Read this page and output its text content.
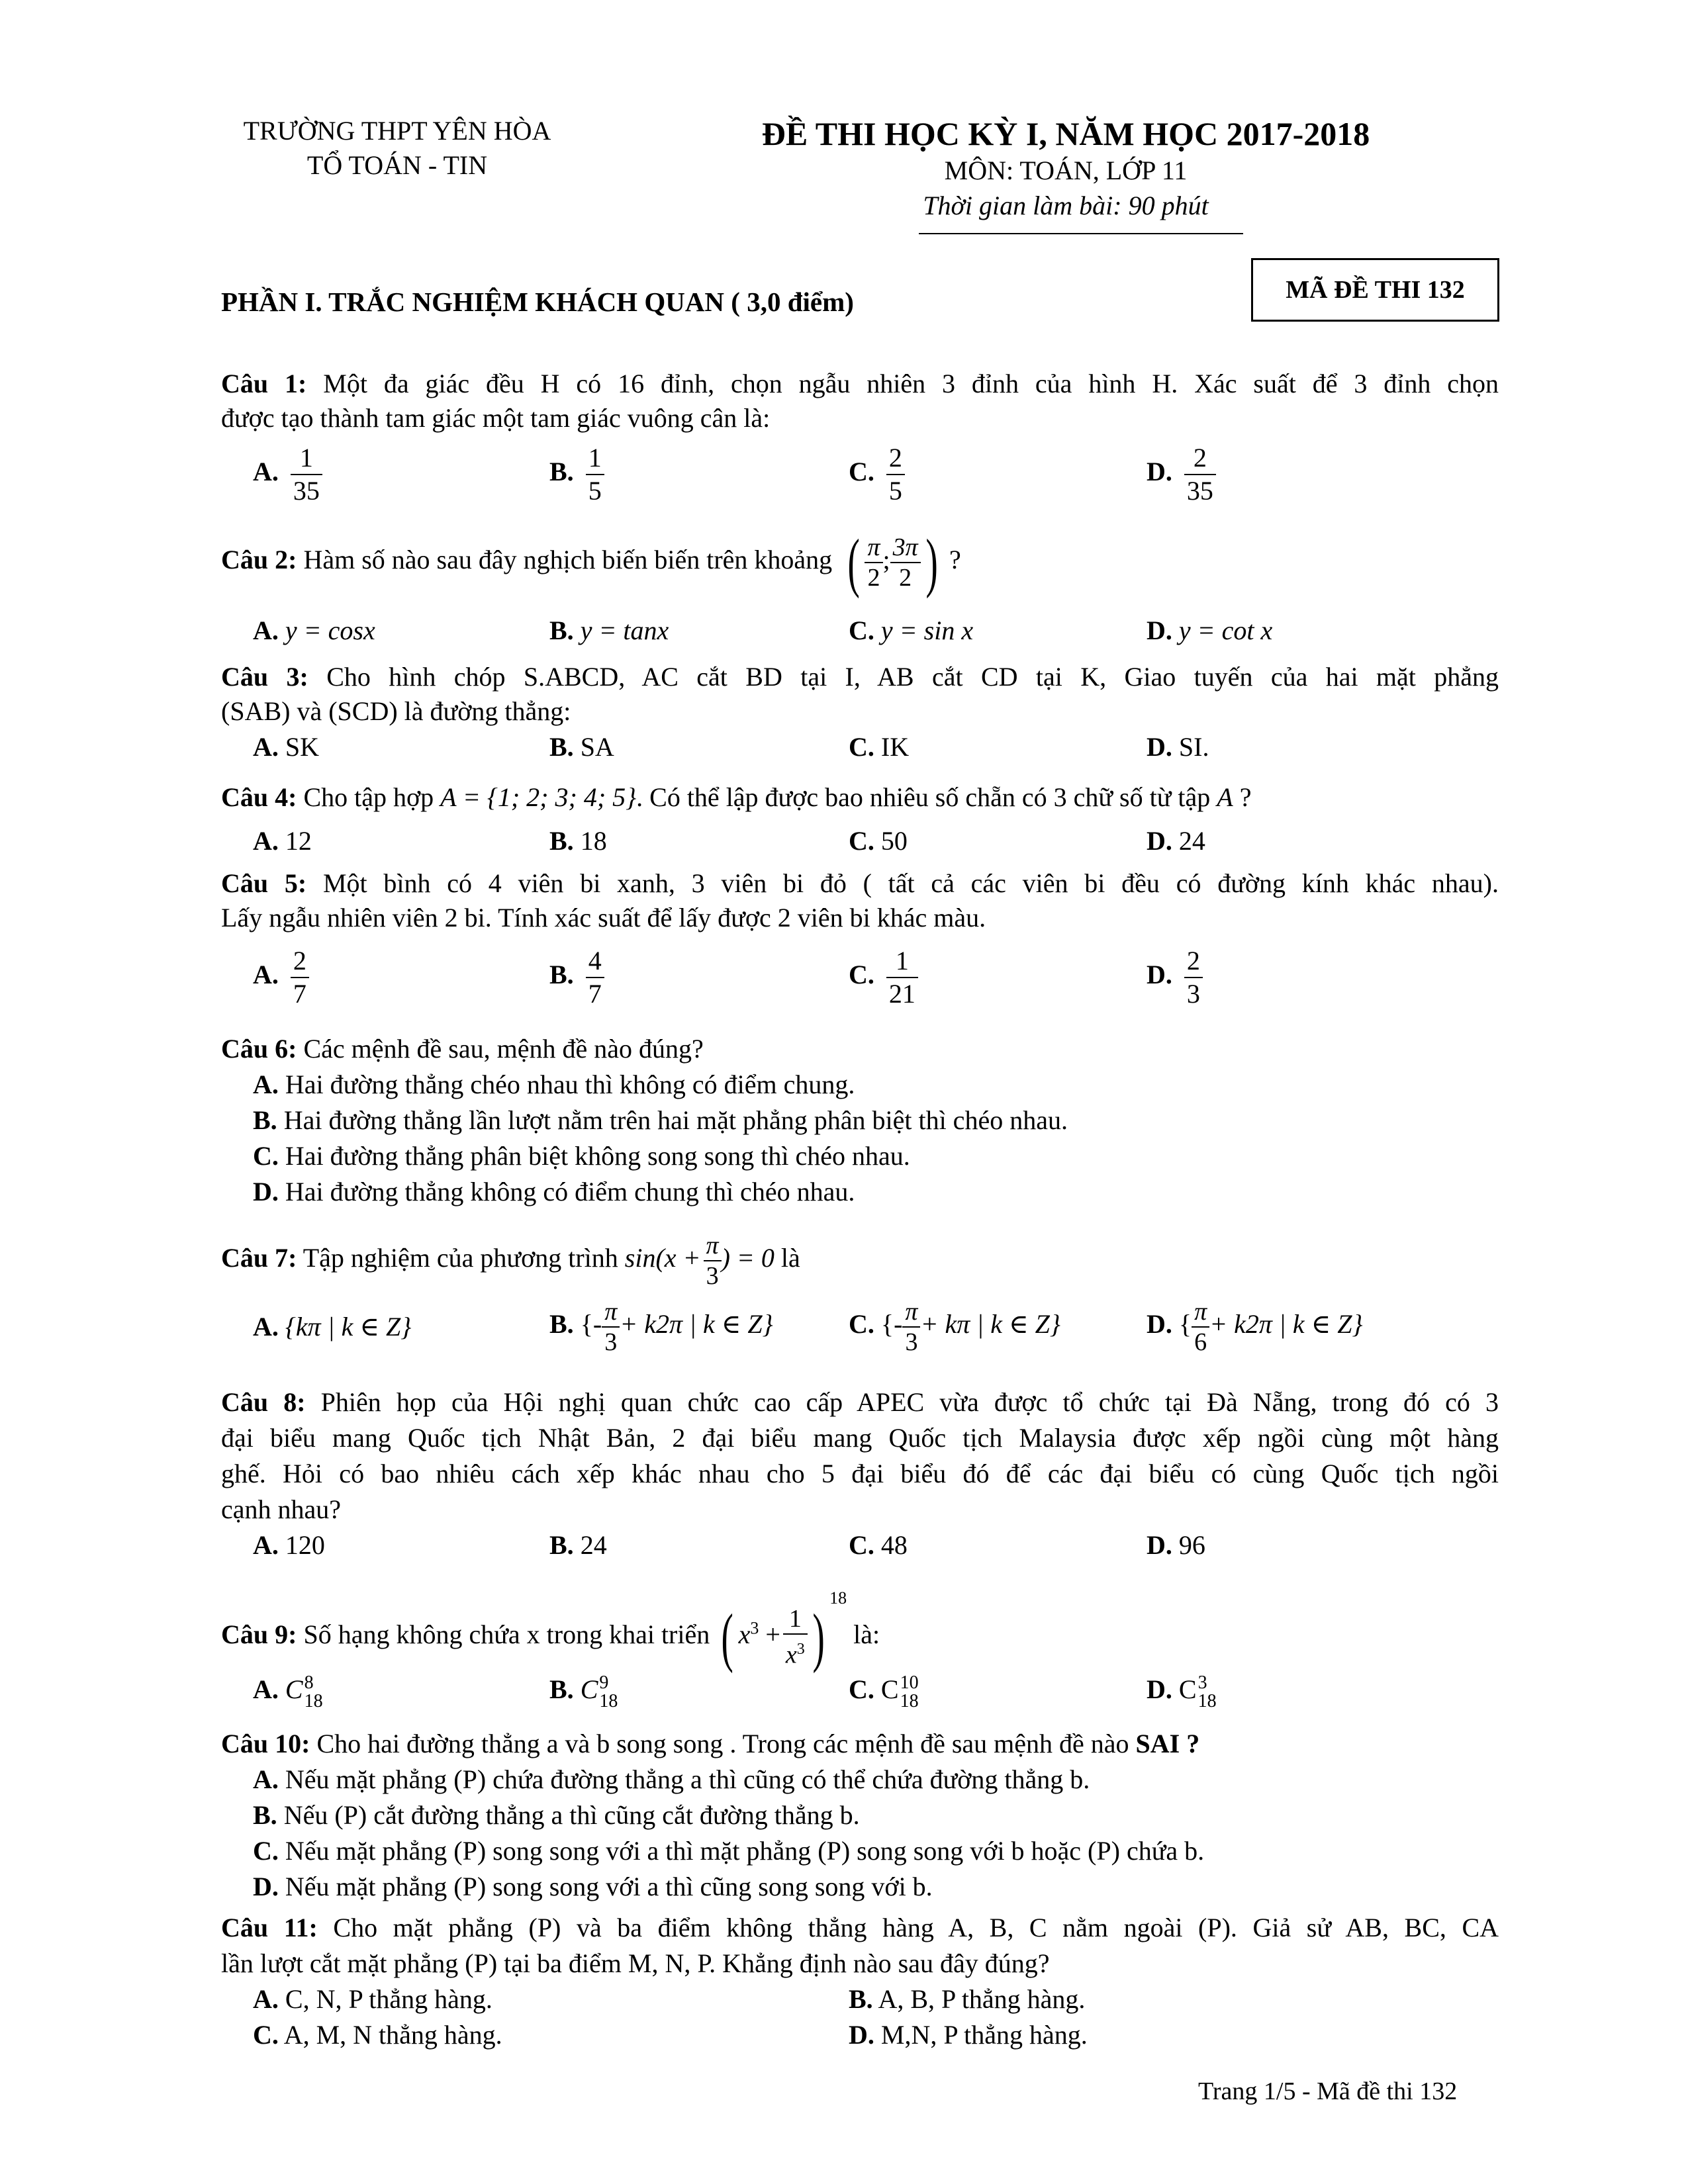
TRƯỜNG THPT YÊN HÒA
TỔ TOÁN - TIN
ĐỀ THI HỌC KỲ I, NĂM HỌC 2017-2018
MÔN: TOÁN, LỚP 11
Thời gian làm bài: 90 phút
MÃ ĐỀ THI 132
PHẦN I. TRẮC NGHIỆM KHÁCH QUAN ( 3,0 điểm)
Câu 1: Một đa giác đều H có 16 đỉnh, chọn ngẫu nhiên 3 đỉnh của hình H. Xác suất để 3 đỉnh chọn
được tạo thành tam giác một tam giác vuông cân là:
A. $\frac{1}{35}$	B. $\frac{1}{5}$	C. $\frac{2}{5}$	D. $\frac{2}{35}$
Câu 2: Hàm số nào sau đây nghịch biến biến trên khoảng ( $\frac{\pi}{2}$ ; $\frac{3\pi}{2}$ ) ?
A. y = cosx	B. y = tanx	C. y = sin x	D. y = cot x
Câu 3: Cho hình chóp S.ABCD, AC cắt BD tại I, AB cắt CD tại K, Giao tuyến của hai mặt phẳng
(SAB) và (SCD) là đường thẳng:
A. SK	B. SA	C. IK	D. SI.
Câu 4: Cho tập hợp A = {1; 2; 3; 4; 5}. Có thể lập được bao nhiêu số chẵn có 3 chữ số từ tập A ?
A. 12	B. 18	C. 50	D. 24
Câu 5: Một bình có 4 viên bi xanh, 3 viên bi đỏ ( tất cả các viên bi đều có đường kính khác nhau).
Lấy ngẫu nhiên viên 2 bi. Tính xác suất để lấy được 2 viên bi khác màu.
A. $\frac{2}{7}$	B. $\frac{4}{7}$	C. $\frac{1}{21}$	D. $\frac{2}{3}$
Câu 6: Các mệnh đề sau, mệnh đề nào đúng?
A. Hai đường thẳng chéo nhau thì không có điểm chung.
B. Hai đường thẳng lần lượt nằm trên hai mặt phẳng phân biệt thì chéo nhau.
C. Hai đường thẳng phân biệt không song song thì chéo nhau.
D. Hai đường thẳng không có điểm chung thì chéo nhau.
Câu 7: Tập nghiệm của phương trình $\sin(x + \frac{\pi}{3}$ ) = 0 là
A. {kπ | k ∈ Z}	B. {- $\frac{\pi}{3} + k2\pi$ | k ∈ Z}	C. {- $\frac{\pi}{3} + k\pi$ | k ∈ Z}	D. { $\frac{\pi}{6} + k2\pi$ | k ∈ Z}
Câu 8: Phiên họp của Hội nghị quan chức cao cấp APEC vừa được tổ chức tại Đà Nẵng, trong đó có 3
đại biểu mang Quốc tịch Nhật Bản, 2 đại biểu mang Quốc tịch Malaysia được xếp ngồi cùng một hàng
ghế. Hỏi có bao nhiêu cách xếp khác nhau cho 5 đại biểu đó để các đại biểu có cùng Quốc tịch ngồi
cạnh nhau?
A. 120	B. 24	C. 48	D. 96
Câu 9: Số hạng không chứa x trong khai triển ( $x^3 + \frac{1}{x^3} )^{18}$ là:
A. C 8
18	B. C 9
18	C. C 10
18	D. C 3
18
Câu 10: Cho hai đường thẳng a và b song song . Trong các mệnh đề sau mệnh đề nào SAI ?
A. Nếu mặt phẳng (P) chứa đường thẳng a thì cũng có thể chứa đường thẳng b.
B. Nếu (P) cắt đường thẳng a thì cũng cắt đường thẳng b.
C. Nếu mặt phẳng (P) song song với a thì mặt phẳng (P) song song với b hoặc (P) chứa b.
D. Nếu mặt phẳng (P) song song với a thì cũng song song với b.
Câu 11: Cho mặt phẳng (P) và ba điểm không thẳng hàng A, B, C nằm ngoài (P). Giả sử AB, BC, CA
lần lượt cắt mặt phẳng (P) tại ba điểm M, N, P. Khẳng định nào sau đây đúng?
A. C, N, P thẳng hàng.	B. A, B, P thẳng hàng.
C. A, M, N thẳng hàng.	D. M,N, P thẳng hàng.
Trang 1/5 - Mã đề thi 132
